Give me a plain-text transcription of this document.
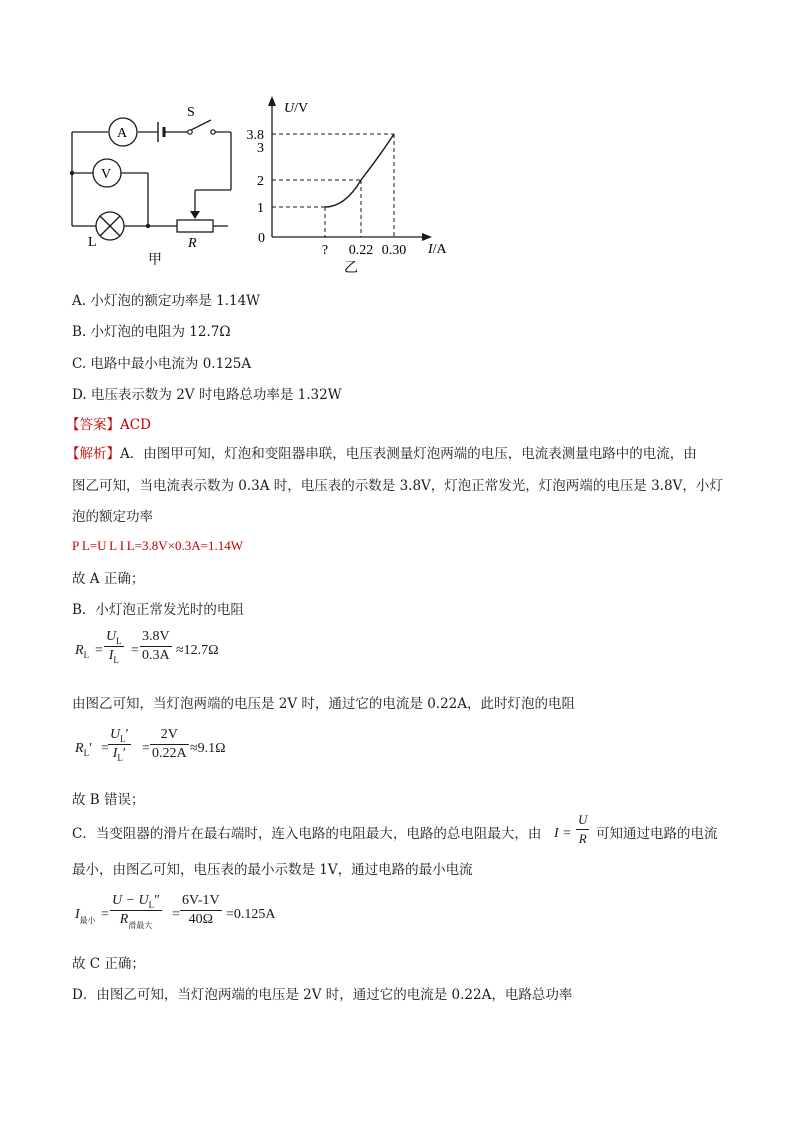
S
A
V
L	R
甲
U/V
I/A
0
3.8
3
2
1
? 0.22 0.30
乙
A. 小灯泡的额定功率是 1.14W
B. 小灯泡的电阻为 12.7Ω
C. 电路中最小电流为 0.125A
D. 电压表示数为 2V 时电路总功率是 1.32W
【答案】ACD
【解析】A．由图甲可知，灯泡和变阻器串联，电压表测量灯泡两端的电压，电流表测量电路中的电流，由
图乙可知，当电流表示数为 0.3A 时，电压表的示数是 3.8V，灯泡正常发光，灯泡两端的电压是 3.8V，小灯
泡的额定功率
P L=U L I L=3.8V×0.3A=1.14W
故 A 正确；
B．小灯泡正常发光时的电阻
$R_L = \frac{U_L}{I_L} = \frac{3.8V}{0.3A} \approx 12.7\Omega$
由图乙可知，当灯泡两端的电压是 2V 时，通过它的电流是 0.22A，此时灯泡的电阻
$R_L' = \frac{U_L'}{I_L'} = \frac{2V}{0.22A} \approx 9.1\Omega$
故 B 错误；
C．当变阻器的滑片在最右端时，连入电路的电阻最大，电路的总电阻最大，由 $I = \frac{U}{R}$ 可知通过电路的电流
最小，由图乙可知，电压表的最小示数是 1V，通过电路的最小电流
$I_{最小}$ =
$U - U_L''$
$R_{滑最大}$
= $\frac{6V-1V}{40\Omega} =0.125A$
故 C 正确；
D．由图乙可知，当灯泡两端的电压是 2V 时，通过它的电流是 0.22A，电路总功率
